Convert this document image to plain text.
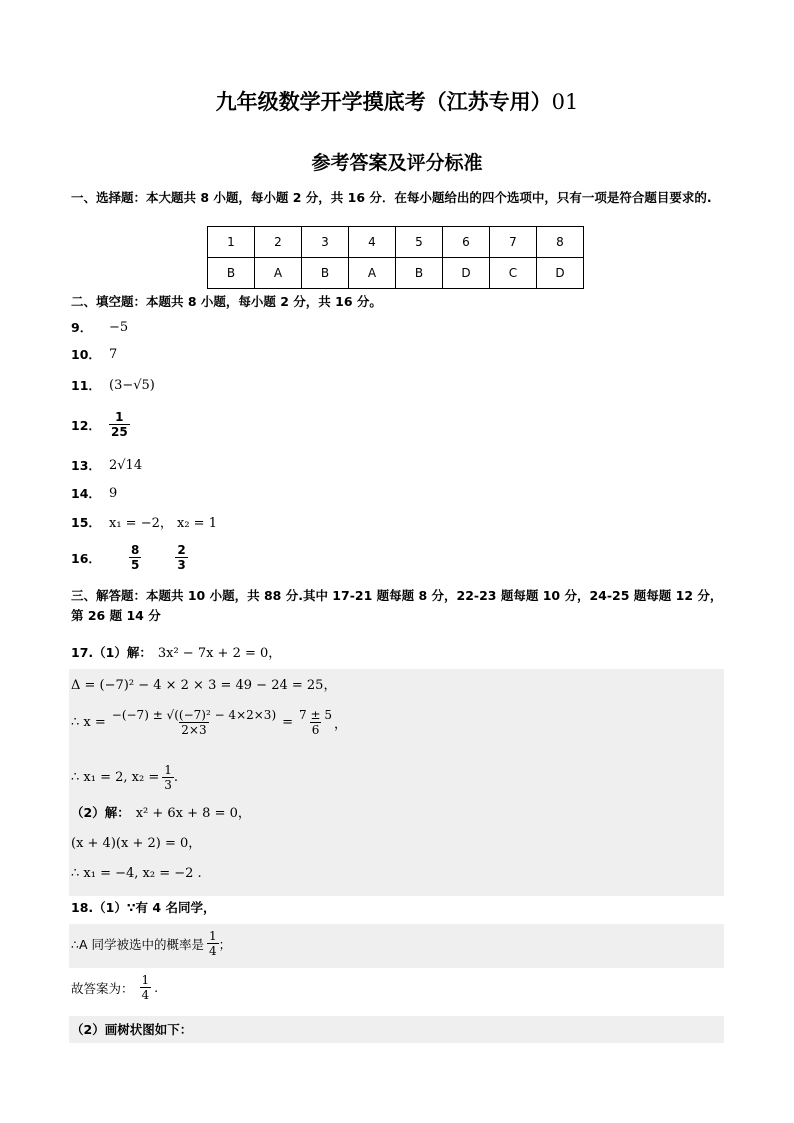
九年级数学开学摸底考（江苏专用）01
参考答案及评分标准
一、选择题：本大题共 8 小题，每小题 2 分，共 16 分．在每小题给出的四个选项中，只有一项是符合题目要求的.
1	2	3	4	5	6	7	8
B	A	B	A	B	D	C	D
二、填空题：本题共 8 小题，每小题 2 分，共 16 分。
9．	−5
10． 7
11． (3−√5)
12． $\frac{1}{25}$
13． 2√14
14． 9
15． x₁ = −2， x₂ = 1
16．	$\frac{8}{5}$	$\frac{2}{3}$
三、解答题：本题共 10 小题，共 88 分.其中 17-21 题每题 8 分，22-23 题每题 10 分，24-25 题每题 12 分，第 26 题 14 分
17.（1）解： 3x² − 7x + 2 = 0，
Δ = (−7)² − 4 × 2 × 3 = 49 − 24 = 25，
∴ $x = \frac{\text{−(−7) ± √((−7)² − 4×2×3)}}{2\times 3} = \frac{7 \pm 5}{6}$ ，
∴ x₁ = 2, $x_2 = \frac{1}{3}$ .
（2）解： x² + 6x + 8 = 0，
(x + 4)(x + 2) = 0，
∴ x₁ = −4, x₂ = −2 .
18.（1）∵有 4 名同学，
∴A 同学被选中的概率是 $\frac{1}{4}$ ；
故答案为： $\frac{1}{4}$ .
（2）画树状图如下：
